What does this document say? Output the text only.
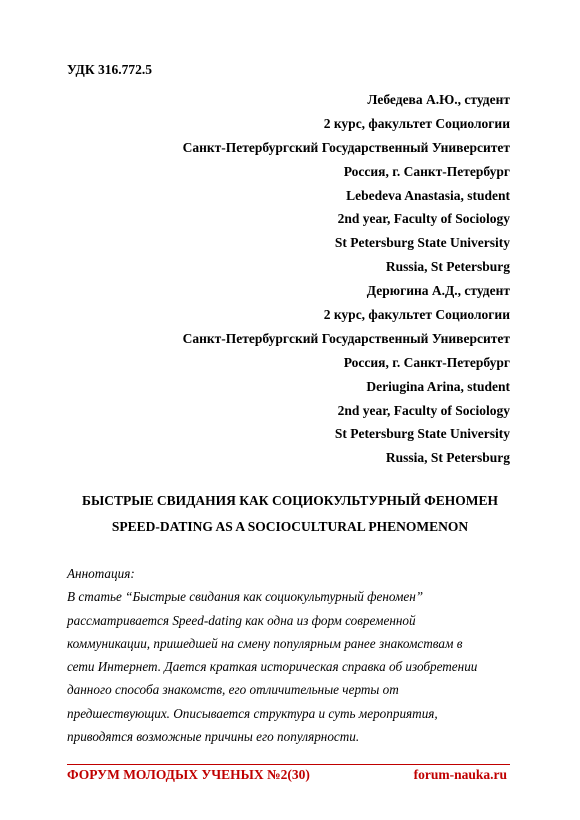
УДК 316.772.5
Лебедева А.Ю., студент
2 курс, факультет Социологии
Санкт-Петербургский Государственный Университет
Россия, г. Санкт-Петербург
Lebedeva Anastasia, student
2nd year, Faculty of Sociology
St Petersburg State University
Russia, St Petersburg
Дерюгина А.Д., студент
2 курс, факультет Социологии
Санкт-Петербургский Государственный Университет
Россия, г. Санкт-Петербург
Deriugina Arina, student
2nd year, Faculty of Sociology
St Petersburg State University
Russia, St Petersburg
БЫСТРЫЕ СВИДАНИЯ КАК СОЦИОКУЛЬТУРНЫЙ ФЕНОМЕН
SPEED-DATING AS A SOCIOCULTURAL PHENOMENON
Аннотация:
В статье “Быстрые свидания как социокультурный феномен”
рассматривается Speed-dating как одна из форм современной
коммуникации, пришедшей на смену популярным ранее знакомствам в
сети Интернет. Дается краткая историческая справка об изобретении
данного способа знакомств, его отличительные черты от
предшествующих. Описывается структура и суть мероприятия,
приводятся возможные причины его популярности.
ФОРУМ МОЛОДЫХ УЧЕНЫХ №2(30)	forum-nauka.ru
